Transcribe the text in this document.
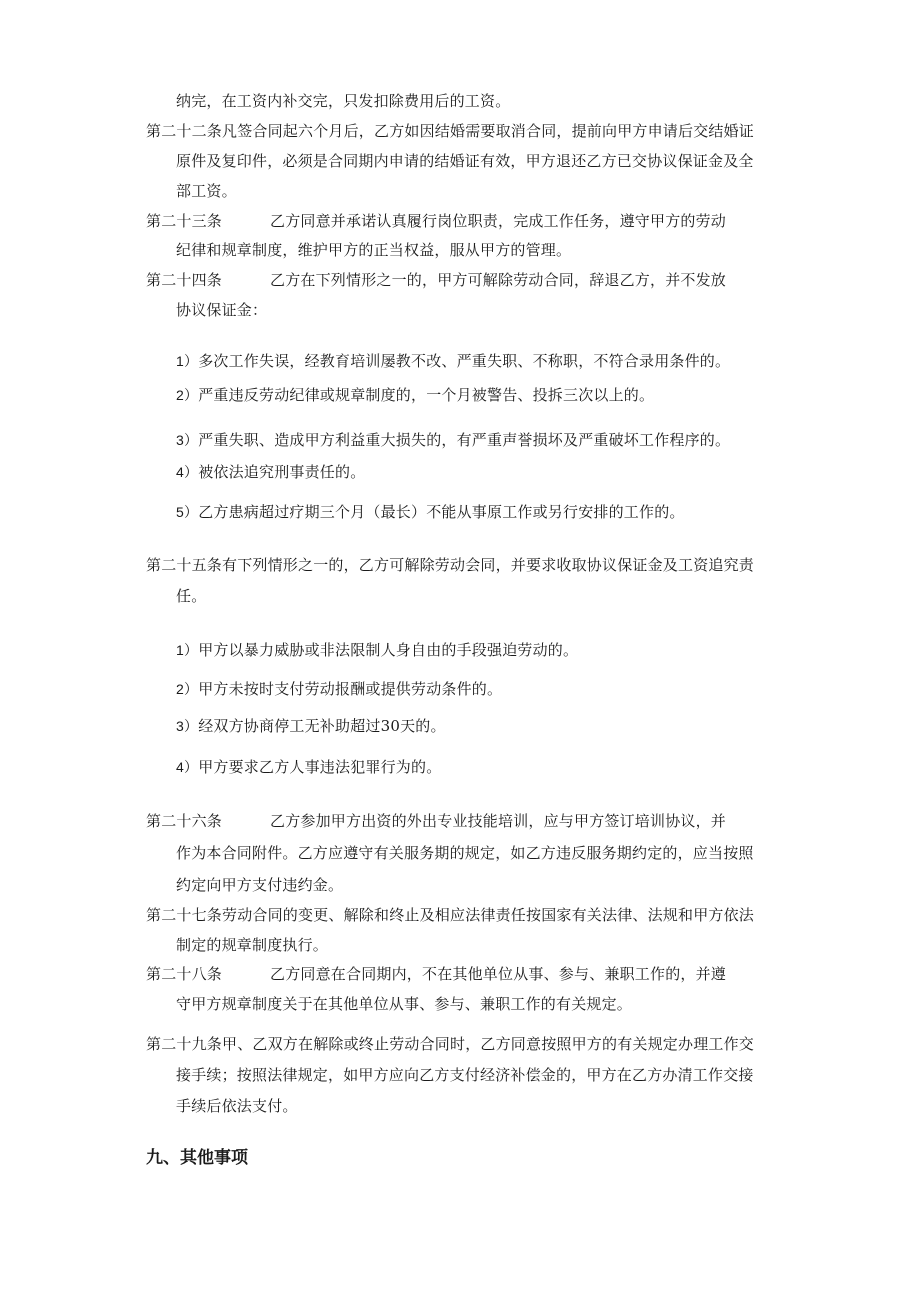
纳完，在工资内补交完，只发扣除费用后的工资。
第二十二条凡签合同起六个月后，乙方如因结婚需要取消合同，提前向甲方申请后交结婚证
原件及复印件，必须是合同期内申请的结婚证有效，甲方退还乙方已交协议保证金及全
部工资。
第二十三条	乙方同意并承诺认真履行岗位职责，完成工作任务，遵守甲方的劳动
纪律和规章制度，维护甲方的正当权益，服从甲方的管理。
第二十四条	乙方在下列情形之一的，甲方可解除劳动合同，辞退乙方，并不发放
协议保证金：
1）多次工作失误，经教育培训屡教不改、严重失职、不称职，不符合录用条件的。
2）严重违反劳动纪律或规章制度的，一个月被警告、投拆三次以上的。
3）严重失职、造成甲方利益重大损失的，有严重声誉损坏及严重破坏工作程序的。
4）被依法追究刑事责任的。
5）乙方患病超过疗期三个月（最长）不能从事原工作或另行安排的工作的。
第二十五条有下列情形之一的，乙方可解除劳动会同，并要求收取协议保证金及工资追究责
任。
1）甲方以暴力威胁或非法限制人身自由的手段强迫劳动的。
2）甲方未按时支付劳动报酬或提供劳动条件的。
3）经双方协商停工无补助超过30天的。
4）甲方要求乙方人事违法犯罪行为的。
第二十六条	乙方参加甲方出资的外出专业技能培训，应与甲方签订培训协议，并
作为本合同附件。乙方应遵守有关服务期的规定，如乙方违反服务期约定的，应当按照
约定向甲方支付违约金。
第二十七条劳动合同的变更、解除和终止及相应法律责任按国家有关法律、法规和甲方依法
制定的规章制度执行。
第二十八条	乙方同意在合同期内，不在其他单位从事、参与、兼职工作的，并遵
守甲方规章制度关于在其他单位从事、参与、兼职工作的有关规定。
第二十九条甲、乙双方在解除或终止劳动合同时，乙方同意按照甲方的有关规定办理工作交
接手续；按照法律规定，如甲方应向乙方支付经济补偿金的，甲方在乙方办清工作交接
手续后依法支付。
九、其他事项
